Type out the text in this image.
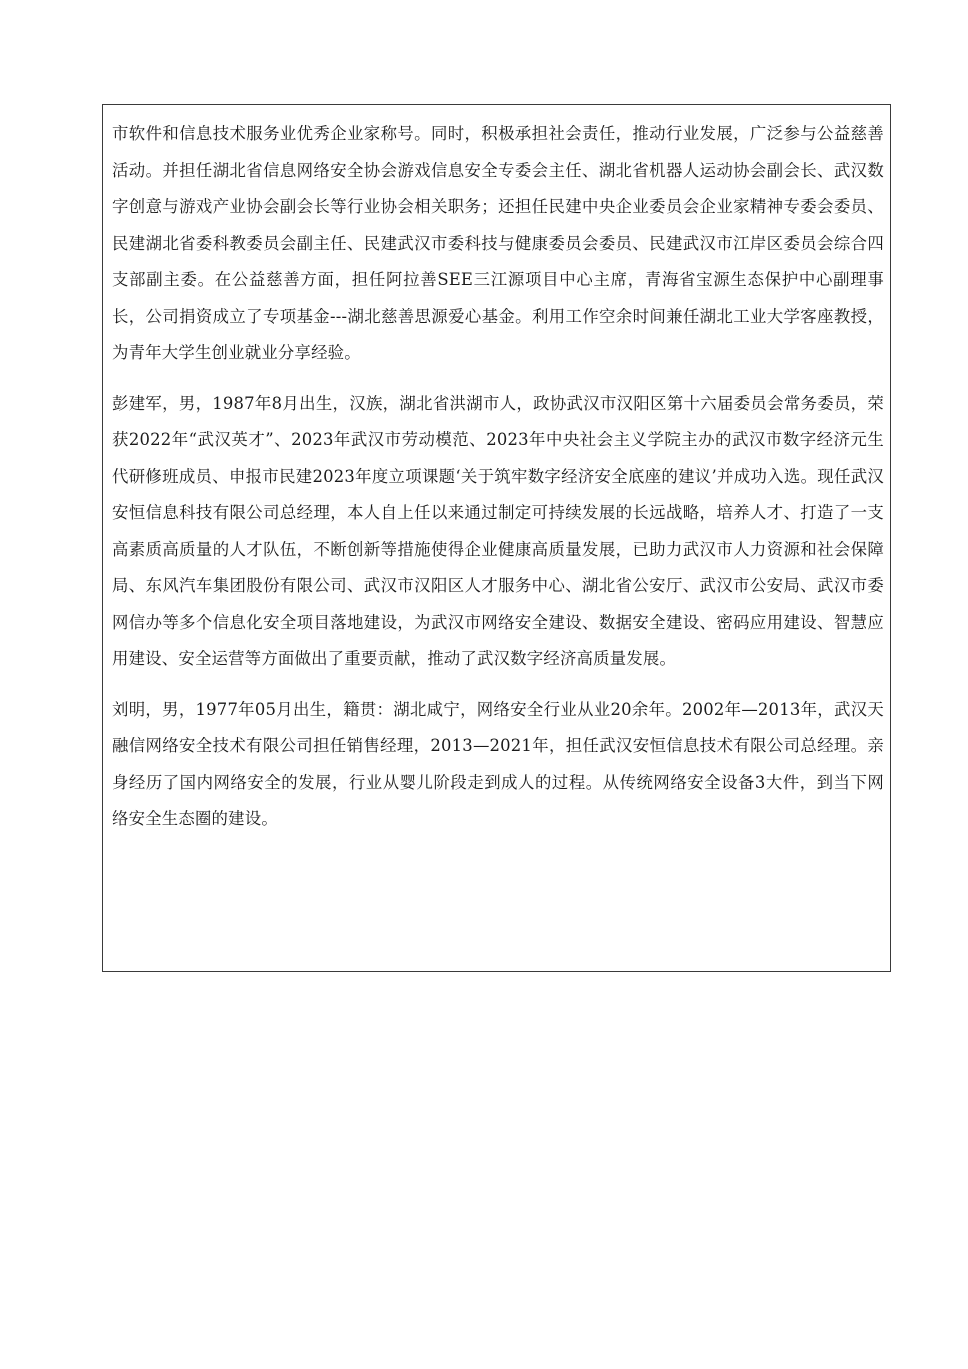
市软件和信息技术服务业优秀企业家称号。同时，积极承担社会责任，推动行业发展，广泛参与公益慈善活动。并担任湖北省信息网络安全协会游戏信息安全专委会主任、湖北省机器人运动协会副会长、武汉数字创意与游戏产业协会副会长等行业协会相关职务；还担任民建中央企业委员会企业家精神专委会委员、民建湖北省委科教委员会副主任、民建武汉市委科技与健康委员会委员、民建武汉市江岸区委员会综合四支部副主委。在公益慈善方面，担任阿拉善SEE三江源项目中心主席，青海省宝源生态保护中心副理事长，公司捐资成立了专项基金---湖北慈善思源爱心基金。利用工作空余时间兼任湖北工业大学客座教授，为青年大学生创业就业分享经验。

彭建军，男，1987年8月出生，汉族，湖北省洪湖市人，政协武汉市汉阳区第十六届委员会常务委员，荣获2022年“武汉英才”、2023年武汉市劳动模范、2023年中央社会主义学院主办的武汉市数字经济元生代研修班成员、申报市民建2023年度立项课题‘关于筑牢数字经济安全底座的建议’并成功入选。现任武汉安恒信息科技有限公司总经理，本人自上任以来通过制定可持续发展的长远战略，培养人才、打造了一支高素质高质量的人才队伍，不断创新等措施使得企业健康高质量发展，已助力武汉市人力资源和社会保障局、东风汽车集团股份有限公司、武汉市汉阳区人才服务中心、湖北省公安厅、武汉市公安局、武汉市委网信办等多个信息化安全项目落地建设，为武汉市网络安全建设、数据安全建设、密码应用建设、智慧应用建设、安全运营等方面做出了重要贡献，推动了武汉数字经济高质量发展。

刘明，男，1977年05月出生，籍贯：湖北咸宁，网络安全行业从业20余年。2002年—2013年，武汉天融信网络安全技术有限公司担任销售经理，2013—2021年，担任武汉安恒信息技术有限公司总经理。亲身经历了国内网络安全的发展，行业从婴儿阶段走到成人的过程。从传统网络安全设备3大件，到当下网络安全生态圈的建设。
